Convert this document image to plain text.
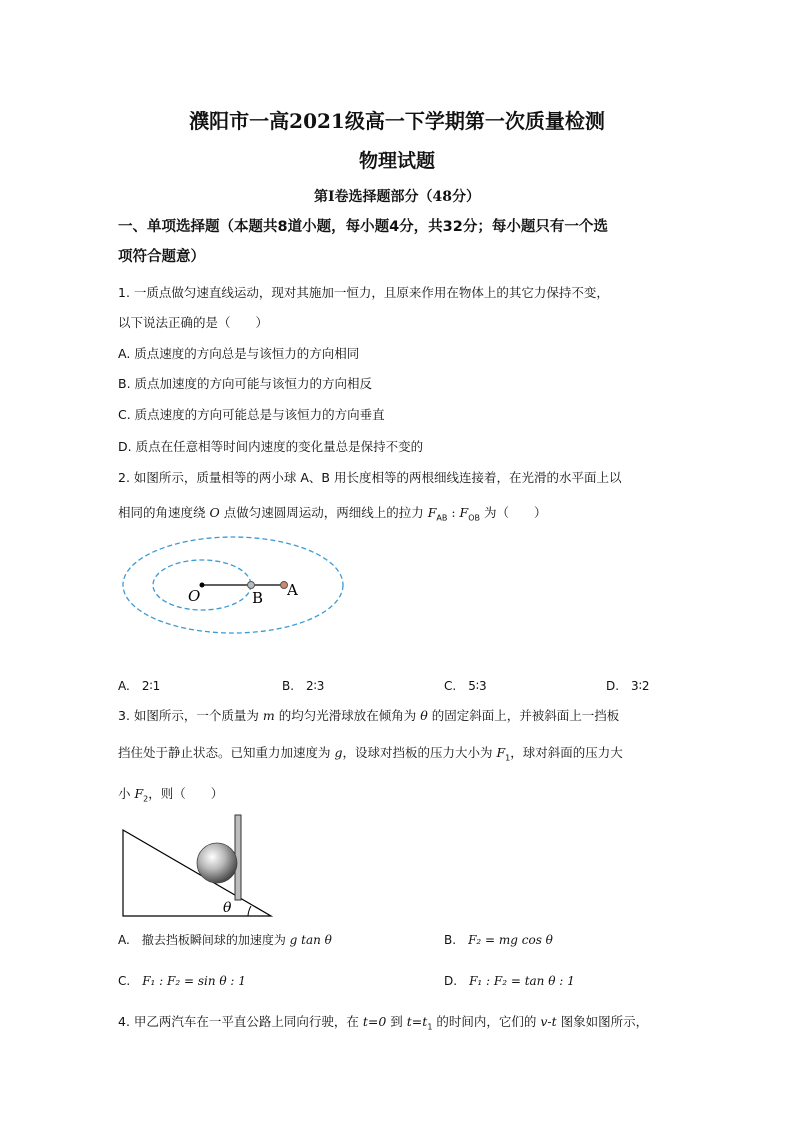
濮阳市一高2021级高一下学期第一次质量检测
物理试题
第Ⅰ卷选择题部分（48分）
一、单项选择题（本题共8道小题，每小题4分，共32分；每小题只有一个选
项符合题意）
1. 一质点做匀速直线运动，现对其施加一恒力，且原来作用在物体上的其它力保持不变，
以下说法正确的是（　　）
A. 质点速度的方向总是与该恒力的方向相同
B. 质点加速度的方向可能与该恒力的方向相反
C. 质点速度的方向可能总是与该恒力的方向垂直
D. 质点在任意相等时间内速度的变化量总是保持不变的
2. 如图所示，质量相等的两小球 A、B 用长度相等的两根细线连接着，在光滑的水平面上以
相同的角速度绕 O 点做匀速圆周运动，两细线上的拉力 $F_{AB}$ : $F_{OB}$ 为（　　）
O	B A
A.　2∶1	B.　2∶3	C.　5∶3	D.　3∶2
3. 如图所示，一个质量为 m 的均匀光滑球放在倾角为 θ 的固定斜面上，并被斜面上一挡板
挡住处于静止状态。已知重力加速度为 g，设球对挡板的压力大小为 $F_1$，球对斜面的压力大
小 $F_2$，则（　　）
θ
A.　撤去挡板瞬间球的加速度为 g tan θ	B.　F₂ = mg cos θ
C.　F₁ : F₂ = sin θ : 1	D.　F₁ : F₂ = tan θ : 1
4. 甲乙两汽车在一平直公路上同向行驶，在 t=0 到 $t=t_1$ 的时间内，它们的 v-t 图象如图所示，
